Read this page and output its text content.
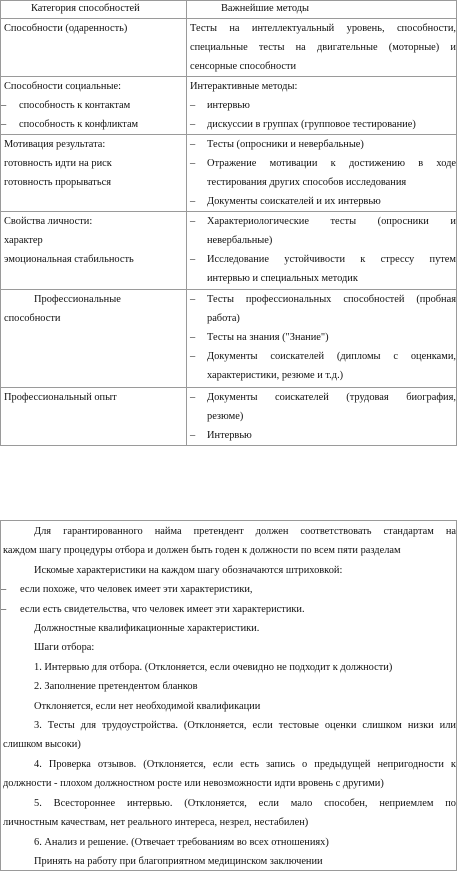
Категория способностей	Важнейшие методы

Способности (одаренность)	Тесты на интеллектуальный уровень, способности,
специальные тесты на двигательные (моторные) и
сенсорные способности

Способности социальные:
– способность к контактам
– способность к конфликтам	Интерактивные методы:
– интервью
– дискуссии в группах (групповое тестирование)

Мотивация результата:
готовность идти на риск
готовность прорываться	– Тесты (опросники и невербальные)
– Отражение мотивации к достижению в ходе
тестирования других способов исследования
– Документы соискателей и их интервью

Свойства личности:
характер
эмоциональная стабильность	– Характериологические тесты (опросники и
невербальные)
– Исследование устойчивости к стрессу путем
интервью и специальных методик

Профессиональные
способности	– Тесты профессиональных способностей (пробная
работа)
– Тесты на знания ("Знание")
– Документы соискателей (дипломы с оценками,
характеристики, резюме и т.д.)

Профессиональный опыт	– Документы соискателей (трудовая биография,
резюме)
– Интервью

Для гарантированного найма претендент должен соответствовать стандартам на

каждом шагу процедуры отбора и должен быть годен к должности по всем пяти разделам

Искомые характеристики на каждом шагу обозначаются штриховкой:

– если похоже, что человек имеет эти характеристики,

– если есть свидетельства, что человек имеет эти характеристики.

Должностные квалификационные характеристики.

Шаги отбора:

1. Интервью для отбора. (Отклоняется, если очевидно не подходит к должности)

2. Заполнение претендентом бланков

Отклоняется, если нет необходимой квалификации

3. Тесты для трудоустройства. (Отклоняется, если тестовые оценки слишком низки или

слишком высоки)

4. Проверка отзывов. (Отклоняется, если есть запись о предыдущей непригодности к

должности - плохом должностном росте или невозможности идти вровень с другими)

5. Всестороннее интервью. (Отклоняется, если мало способен, неприемлем по

личностным качествам, нет реального интереса, незрел, нестабилен)

6. Анализ и решение. (Отвечает требованиям во всех отношениях)

Принять на работу при благоприятном медицинском заключении
